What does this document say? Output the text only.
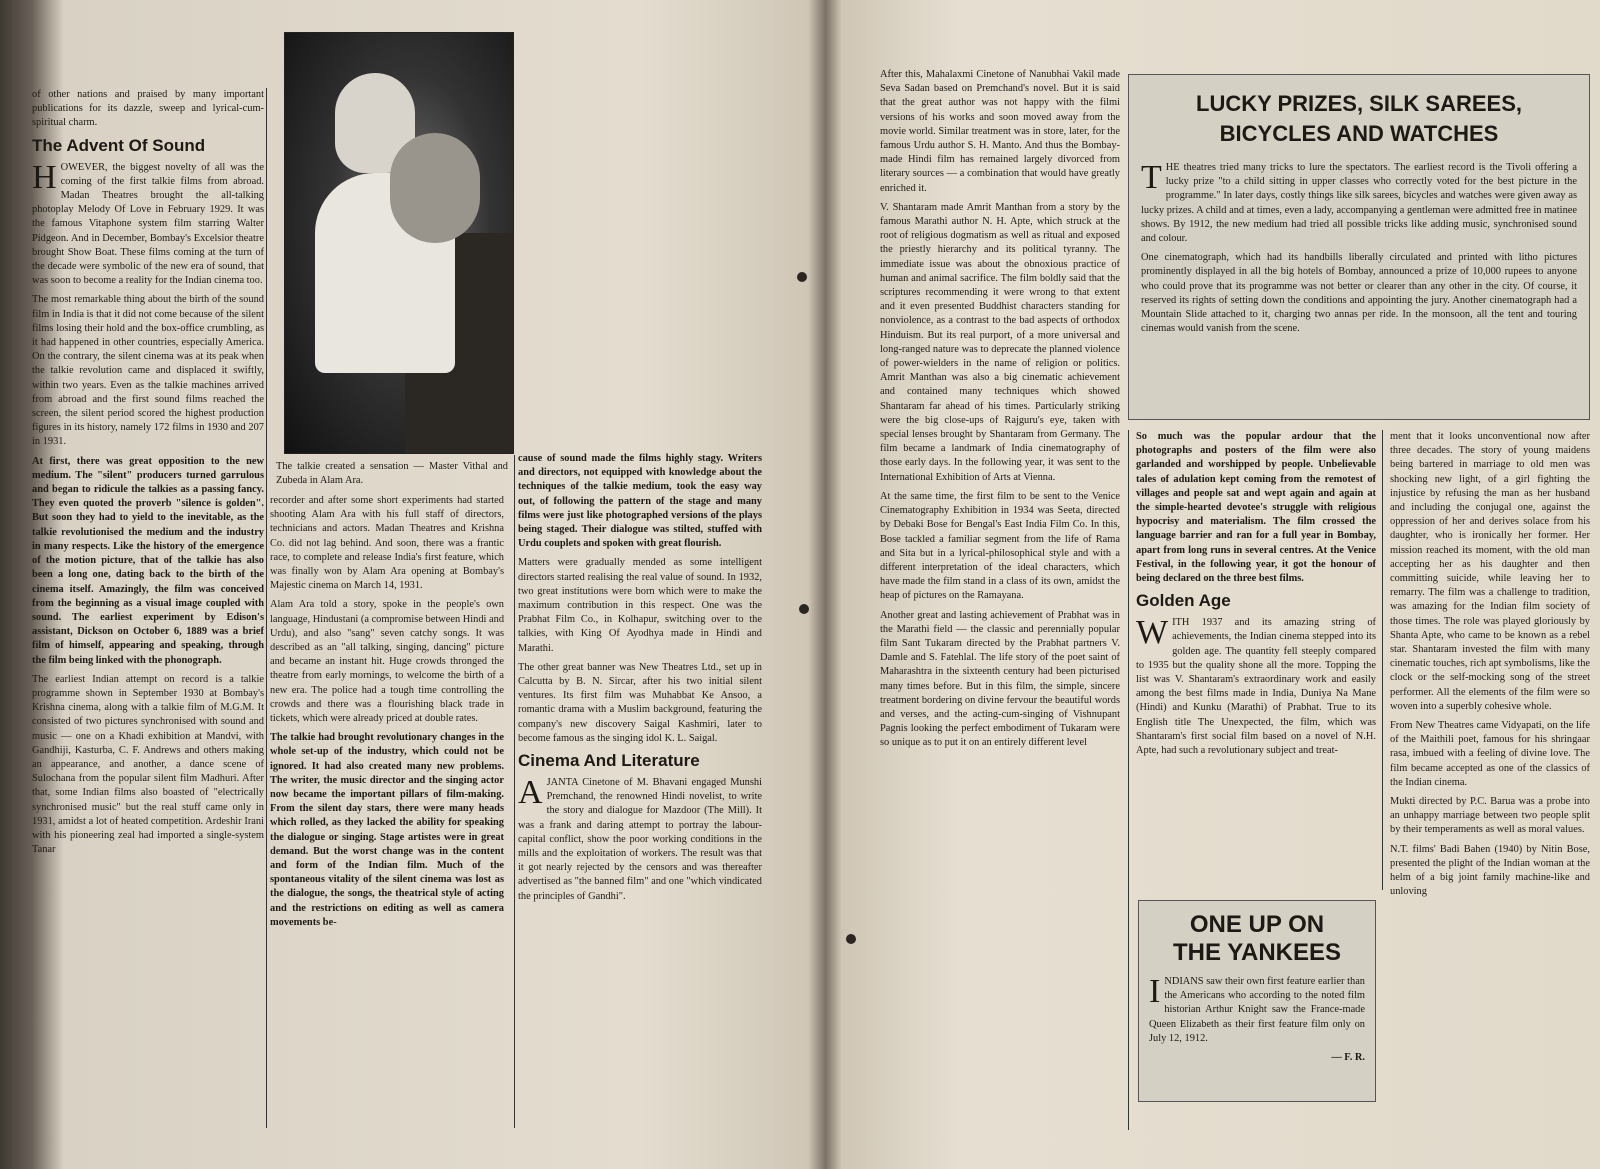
of other nations and praised by many important publications for its dazzle, sweep and lyrical-cum-spiritual charm.

The Advent Of Sound

HOWEVER, the biggest novelty of all was the coming of the first talkie films from abroad. Madan Theatres brought the all-talking photoplay Melody Of Love in February 1929. It was the famous Vitaphone system film starring Walter Pidgeon. And in December, Bombay's Excelsior theatre brought Show Boat. These films coming at the turn of the decade were symbolic of the new era of sound, that was soon to become a reality for the Indian cinema too.

The most remarkable thing about the birth of the sound film in India is that it did not come because of the silent films losing their hold and the box-office crumbling, as it had happened in other countries, especially America. On the contrary, the silent cinema was at its peak when the talkie revolution came and displaced it swiftly, within two years. Even as the talkie machines arrived from abroad and the first sound films reached the screen, the silent period scored the highest production figures in its history, namely 172 films in 1930 and 207 in 1931.

At first, there was great opposition to the new medium. The "silent" producers turned garrulous and began to ridicule the talkies as a passing fancy. They even quoted the proverb "silence is golden". But soon they had to yield to the inevitable, as the talkie revolutionised the medium and the industry in many respects. Like the history of the emergence of the motion picture, that of the talkie has also been a long one, dating back to the birth of the cinema itself. Amazingly, the film was conceived from the beginning as a visual image coupled with sound. The earliest experiment by Edison's assistant, Dickson on October 6, 1889 was a brief film of himself, appearing and speaking, through the film being linked with the phonograph.

The earliest Indian attempt on record is a talkie programme shown in September 1930 at Bombay's Krishna cinema, along with a talkie film of M.G.M. It consisted of two pictures synchronised with sound and music — one on a Khadi exhibition at Mandvi, with Gandhiji, Kasturba, C. F. Andrews and others making an appearance, and another, a dance scene of Sulochana from the popular silent film Madhuri. After that, some Indian films also boasted of "electrically synchronised music" but the real stuff came only in 1931, amidst a lot of heated competition. Ardeshir Irani with his pioneering zeal had imported a single-system Tanar

The talkie created a sensation — Master Vithal and Zubeda in Alam Ara.

recorder and after some short experiments had started shooting Alam Ara with his full staff of directors, technicians and actors. Madan Theatres and Krishna Co. did not lag behind. And soon, there was a frantic race, to complete and release India's first feature, which was finally won by Alam Ara opening at Bombay's Majestic cinema on March 14, 1931.

Alam Ara told a story, spoke in the people's own language, Hindustani (a compromise between Hindi and Urdu), and also "sang" seven catchy songs. It was described as an "all talking, singing, dancing" picture and became an instant hit. Huge crowds thronged the theatre from early mornings, to welcome the birth of a new era. The police had a tough time controlling the crowds and there was a flourishing black trade in tickets, which were already priced at double rates.

The talkie had brought revolutionary changes in the whole set-up of the industry, which could not be ignored. It had also created many new problems. The writer, the music director and the singing actor now became the important pillars of film-making. From the silent day stars, there were many heads which rolled, as they lacked the ability for speaking the dialogue or singing. Stage artistes were in great demand. But the worst change was in the content and form of the Indian film. Much of the spontaneous vitality of the silent cinema was lost as the dialogue, the songs, the theatrical style of acting and the restrictions on editing as well as camera movements be-

cause of sound made the films highly stagy. Writers and directors, not equipped with knowledge about the techniques of the talkie medium, took the easy way out, of following the pattern of the stage and many films were just like photographed versions of the plays being staged. Their dialogue was stilted, stuffed with Urdu couplets and spoken with great flourish.

Matters were gradually mended as some intelligent directors started realising the real value of sound. In 1932, two great institutions were born which were to make the maximum contribution in this respect. One was the Prabhat Film Co., in Kolhapur, switching over to the talkies, with King Of Ayodhya made in Hindi and Marathi.

The other great banner was New Theatres Ltd., set up in Calcutta by B. N. Sircar, after his two initial silent ventures. Its first film was Muhabbat Ke Ansoo, a romantic drama with a Muslim background, featuring the company's new discovery Saigal Kashmiri, later to become famous as the singing idol K. L. Saigal.

Cinema And Literature

AJANTA Cinetone of M. Bhavani engaged Munshi Premchand, the renowned Hindi novelist, to write the story and dialogue for Mazdoor (The Mill). It was a frank and daring attempt to portray the labour-capital conflict, show the poor working conditions in the mills and the exploitation of workers. The result was that it got nearly rejected by the censors and was thereafter advertised as "the banned film" and one "which vindicated the principles of Gandhi".

After this, Mahalaxmi Cinetone of Nanubhai Vakil made Seva Sadan based on Premchand's novel. But it is said that the great author was not happy with the filmi versions of his works and soon moved away from the movie world. Similar treatment was in store, later, for the famous Urdu author S. H. Manto. And thus the Bombay-made Hindi film has remained largely divorced from literary sources — a combination that would have greatly enriched it.

V. Shantaram made Amrit Manthan from a story by the famous Marathi author N. H. Apte, which struck at the root of religious dogmatism as well as ritual and exposed the priestly hierarchy and its political tyranny. The immediate issue was about the obnoxious practice of human and animal sacrifice. The film boldly said that the scriptures recommending it were wrong to that extent and it even presented Buddhist characters standing for nonviolence, as a contrast to the bad aspects of orthodox Hinduism. But its real purport, of a more universal and long-ranged nature was to deprecate the planned violence of power-wielders in the name of religion or politics. Amrit Manthan was also a big cinematic achievement and contained many techniques which showed Shantaram far ahead of his times. Particularly striking were the big close-ups of Rajguru's eye, taken with special lenses brought by Shantaram from Germany. The film became a landmark of India cinematography of those early days. In the following year, it was sent to the International Exhibition of Arts at Vienna.

At the same time, the first film to be sent to the Venice Cinematography Exhibition in 1934 was Seeta, directed by Debaki Bose for Bengal's East India Film Co. In this, Bose tackled a familiar segment from the life of Rama and Sita but in a lyrical-philosophical style and with a different interpretation of the ideal characters, which have made the film stand in a class of its own, amidst the heap of pictures on the Ramayana.

Another great and lasting achievement of Prabhat was in the Marathi field — the classic and perennially popular film Sant Tukaram directed by the Prabhat partners V. Damle and S. Fatehlal. The life story of the poet saint of Maharashtra in the sixteenth century had been picturised many times before. But in this film, the simple, sincere treatment bordering on divine fervour the beautiful words and verses, and the acting-cum-singing of Vishnupant Pagnis looking the perfect embodiment of Tukaram were so unique as to put it on an entirely different level

LUCKY PRIZES, SILK SAREES,
BICYCLES AND WATCHES

THE theatres tried many tricks to lure the spectators. The earliest record is the Tivoli offering a lucky prize "to a child sitting in upper classes who correctly voted for the best picture in the programme." In later days, costly things like silk sarees, bicycles and watches were given away as lucky prizes. A child and at times, even a lady, accompanying a gentleman were admitted free in matinee shows. By 1912, the new medium had tried all possible tricks like adding music, synchronised sound and colour.

One cinematograph, which had its handbills liberally circulated and printed with litho pictures prominently displayed in all the big hotels of Bombay, announced a prize of 10,000 rupees to anyone who could prove that its programme was not better or clearer than any other in the city. Of course, it reserved its rights of setting down the conditions and appointing the jury. Another cinematograph had a Mountain Slide attached to it, charging two annas per ride. In the monsoon, all the tent and touring cinemas would vanish from the scene.

So much was the popular ardour that the photographs and posters of the film were also garlanded and worshipped by people. Unbelievable tales of adulation kept coming from the remotest of villages and people sat and wept again and again at the simple-hearted devotee's struggle with religious hypocrisy and materialism. The film crossed the language barrier and ran for a full year in Bombay, apart from long runs in several centres. At the Venice Festival, in the following year, it got the honour of being declared on the three best films.

Golden Age

WITH 1937 and its amazing string of achievements, the Indian cinema stepped into its golden age. The quantity fell steeply compared to 1935 but the quality shone all the more. Topping the list was V. Shantaram's extraordinary work and easily among the best films made in India, Duniya Na Mane (Hindi) and Kunku (Marathi) of Prabhat. True to its English title The Unexpected, the film, which was Shantaram's first social film based on a novel of N.H. Apte, had such a revolutionary subject and treat-

ONE UP ON
THE YANKEES

INDIANS saw their own first feature earlier than the Americans who according to the noted film historian Arthur Knight saw the France-made Queen Elizabeth as their first feature film only on July 12, 1912.

— F. R.

ment that it looks unconventional now after three decades. The story of young maidens being bartered in marriage to old men was shocking new light, of a girl fighting the injustice by refusing the man as her husband and including the conjugal one, against the oppression of her and derives solace from his daughter, who is ironically her former. Her mission reached its moment, with the old man accepting her as his daughter and then committing suicide, while leaving her to remarry. The film was a challenge to tradition, was amazing for the Indian film society of those times. The role was played gloriously by Shanta Apte, who came to be known as a rebel star. Shantaram invested the film with many cinematic touches, rich apt symbolisms, like the clock or the self-mocking song of the street performer. All the elements of the film were so woven into a superbly cohesive whole.

From New Theatres came Vidyapati, on the life of the Maithili poet, famous for his shringaar rasa, imbued with a feeling of divine love. The film became accepted as one of the classics of the Indian cinema.

Mukti directed by P.C. Barua was a probe into an unhappy marriage between two people split by their temperaments as well as moral values.

N.T. films' Badi Bahen (1940) by Nitin Bose, presented the plight of the Indian woman at the helm of a big joint family machine-like and unloving
